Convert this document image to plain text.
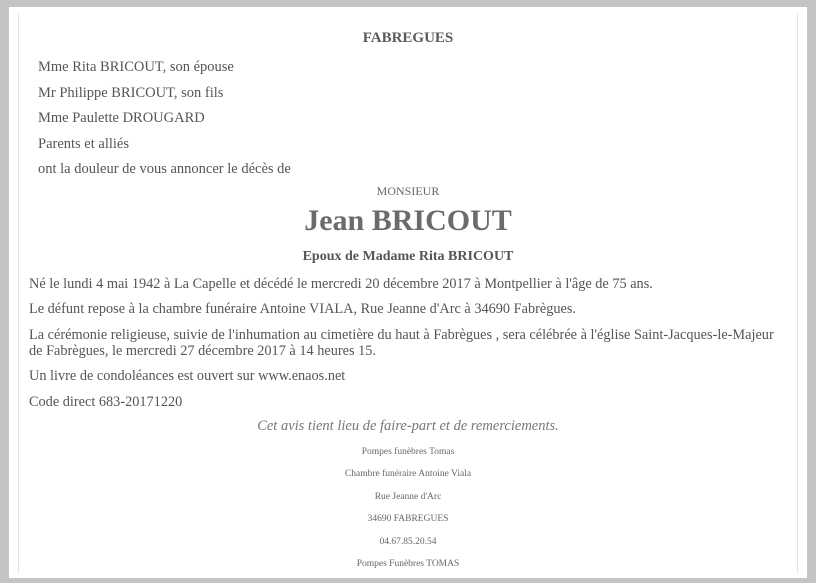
FABREGUES
Mme Rita BRICOUT, son épouse
Mr Philippe BRICOUT, son fils
Mme Paulette DROUGARD
Parents et alliés
ont la douleur de vous annoncer le décès de
MONSIEUR
Jean BRICOUT
Epoux de Madame Rita BRICOUT
Né le lundi 4 mai 1942 à La Capelle et décédé le mercredi 20 décembre 2017 à Montpellier à l'âge de 75 ans.
Le défunt repose à la chambre funéraire Antoine VIALA, Rue Jeanne d'Arc à 34690 Fabrègues.
La cérémonie religieuse, suivie de l'inhumation au cimetière du haut à Fabrègues , sera célébrée à l'église Saint-Jacques-le-Majeur de Fabrègues, le mercredi 27 décembre 2017 à 14 heures 15.
Un livre de condoléances est ouvert sur www.enaos.net
Code direct 683-20171220
Cet avis tient lieu de faire-part et de remerciements.
Pompes funèbres Tomas
Chambre funéraire Antoine Viala
Rue Jeanne d'Arc
34690 FABREGUES
04.67.85.20.54
Pompes Funèbres TOMAS
